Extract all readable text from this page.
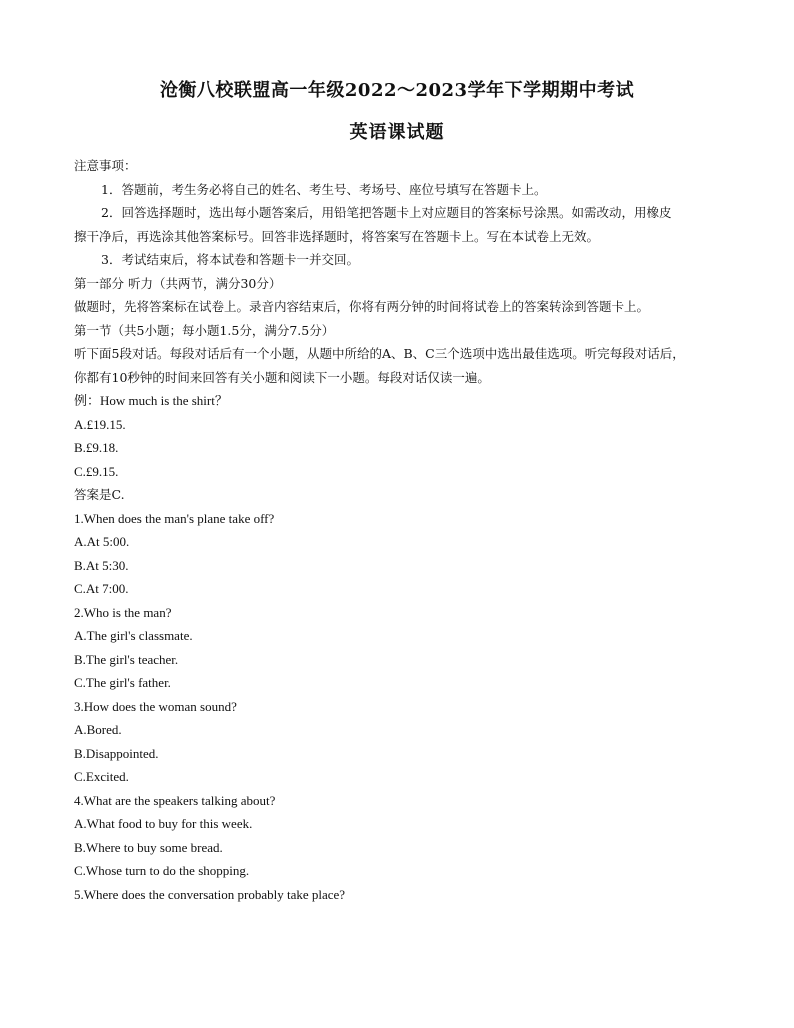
沧衡八校联盟高一年级2022～2023学年下学期期中考试
英语课试题
注意事项：
1．答题前，考生务必将自己的姓名、考生号、考场号、座位号填写在答题卡上。
2．回答选择题时，选出每小题答案后，用铅笔把答题卡上对应题目的答案标号涂黑。如需改动，用橡皮
擦干净后，再选涂其他答案标号。回答非选择题时，将答案写在答题卡上。写在本试卷上无效。
3．考试结束后，将本试卷和答题卡一并交回。
第一部分 听力（共两节，满分30分）
做题时，先将答案标在试卷上。录音内容结束后，你将有两分钟的时间将试卷上的答案转涂到答题卡上。
第一节（共5小题；每小题1.5分，满分7.5分）
听下面5段对话。每段对话后有一个小题，从题中所给的A、B、C三个选项中选出最佳选项。听完每段对话后，
你都有10秒钟的时间来回答有关小题和阅读下一小题。每段对话仅读一遍。
例：How much is the shirt？
A.£19.15.
B.£9.18.
C.£9.15.
答案是C.
1.When does the man's plane take off?
A.At 5:00.
B.At 5:30.
C.At 7:00.
2.Who is the man?
A.The girl's classmate.
B.The girl's teacher.
C.The girl's father.
3.How does the woman sound?
A.Bored.
B.Disappointed.
C.Excited.
4.What are the speakers talking about?
A.What food to buy for this week.
B.Where to buy some bread.
C.Whose turn to do the shopping.
5.Where does the conversation probably take place?
